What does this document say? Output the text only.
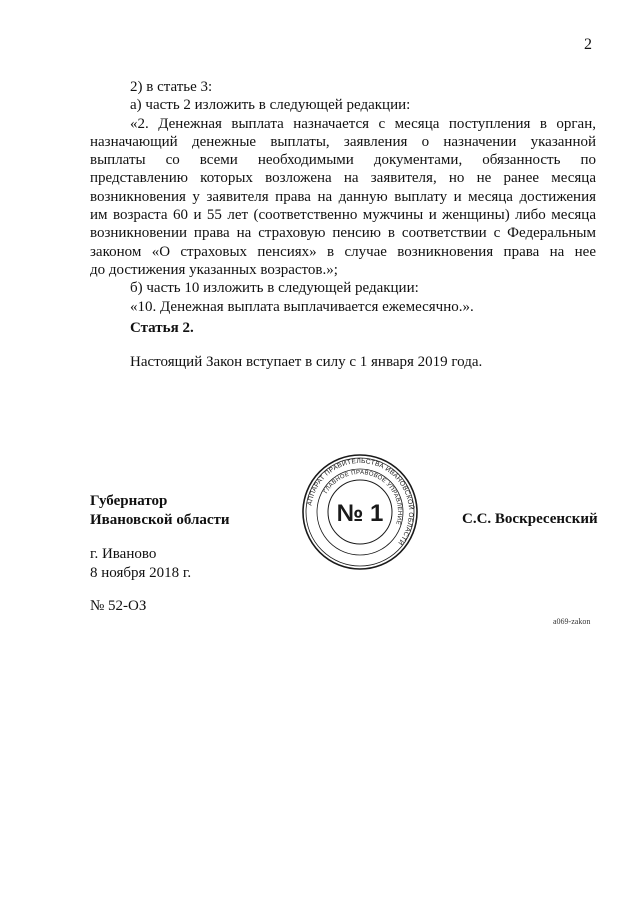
2
2) в статье 3:
а) часть 2 изложить в следующей редакции:
«2. Денежная выплата назначается с месяца поступления в орган,
назначающий денежные выплаты, заявления о назначении указанной
выплаты со всеми необходимыми документами, обязанность по
представлению которых возложена на заявителя, но не ранее месяца
возникновения у заявителя права на данную выплату и месяца достижения
им возраста 60 и 55 лет (соответственно мужчины и женщины) либо месяца
возникновении права на страховую пенсию в соответствии с Федеральным
законом «О страховых пенсиях» в случае возникновения права на нее
до достижения указанных возрастов.»;
б) часть 10 изложить в следующей редакции:
«10. Денежная выплата выплачивается ежемесячно.».
Статья 2.
Настоящий Закон вступает в силу с 1 января 2019 года.
Губернатор
Ивановской области	С.С. Воскресенский
АППАРАТ ПРАВИТЕЛЬСТВА ИВАНОВСКОЙ ОБЛАСТИ
ГЛАВНОЕ ПРАВОВОЕ УПРАВЛЕНИЕ
№ 1
г. Иваново
8 ноября 2018 г.
№ 52-ОЗ
a069-zakon
